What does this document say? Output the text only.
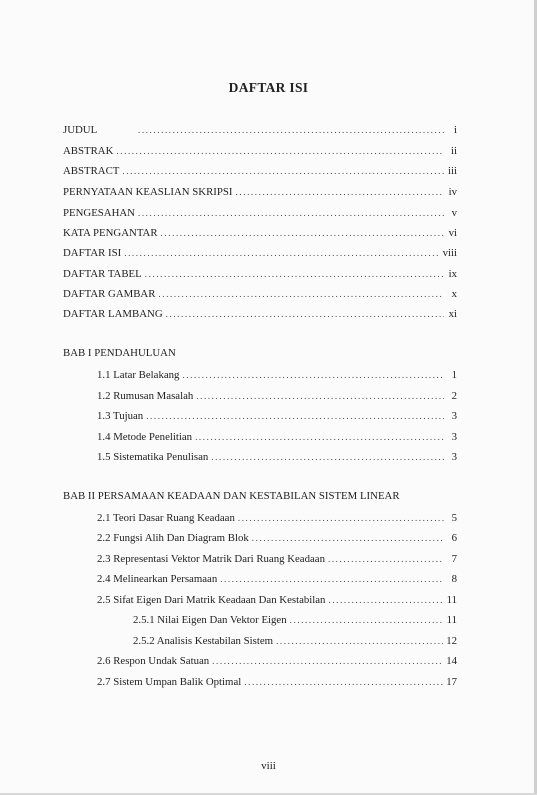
DAFTAR ISI
JUDUL .....	i
ABSTRAK .....	ii
ABSTRACT .....	iii
PERNYATAAN KEASLIAN SKRIPSI .....	iv
PENGESAHAN .....	v
KATA PENGANTAR .....	vi
DAFTAR ISI .....	viii
DAFTAR TABEL .....	ix
DAFTAR GAMBAR .....	x
DAFTAR LAMBANG .....	xi
BAB I PENDAHULUAN
1.1 Latar Belakang .....	1
1.2 Rumusan Masalah .....	2
1.3 Tujuan .....	3
1.4 Metode Penelitian .....	3
1.5 Sistematika Penulisan .....	3
BAB II PERSAMAAN KEADAAN DAN KESTABILAN SISTEM LINEAR
2.1 Teori Dasar Ruang Keadaan .....	5
2.2 Fungsi Alih Dan Diagram Blok .....	6
2.3 Representasi Vektor Matrik Dari Ruang Keadaan .....	7
2.4 Melinearkan Persamaan .....	8
2.5 Sifat Eigen Dari Matrik Keadaan Dan Kestabilan .....	11
2.5.1 Nilai Eigen Dan Vektor Eigen .....	11
2.5.2 Analisis Kestabilan Sistem .....	12
2.6 Respon Undak Satuan .....	14
2.7 Sistem Umpan Balik Optimal .....	17
viii
